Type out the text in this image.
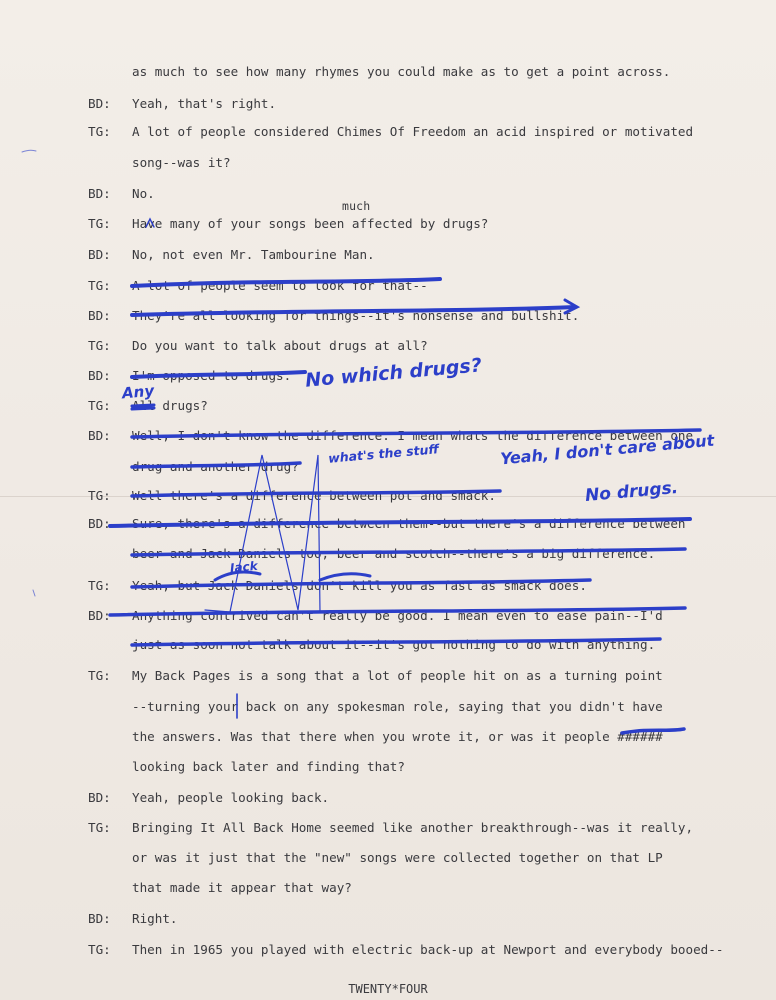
as much to see how many rhymes you could make as to get a point across.
BD: Yeah, that's right.
TG: A lot of people considered Chimes Of Freedom an acid inspired or motivated
song--was it?
BD: No.
much
TG: Have many of your songs been affected by drugs?
BD: No, not even Mr. Tambourine Man.
TG: A lot of people seem to look for that--
BD: They're all looking for things--it's nonsense and bullshit.
TG: Do you want to talk about drugs at all?
BD: I'm opposed to drugs.
TG: All drugs?
BD: Well, I don't know the difference. I mean whats the difference between one
drug and another drug?
TG: Well there's a difference between pot and smack.
BD: Sure, there's a difference between them--but there's a difference between
beer and Jack Daniels too, beer and scotch--there's a big difference.
TG: Yeah, but Jack Daniels don't kill you as fast as smack does.
BD: Anything contrived can't really be good. I mean even to ease pain--I'd
just as soon not talk about it--it's got nothing to do with anything.
TG: My Back Pages is a song that a lot of people hit on as a turning point
--turning your back on any spokesman role, saying that you didn't have
the answers. Was that there when you wrote it, or was it people ######
looking back later and finding that?
BD: Yeah, people looking back.
TG: Bringing It All Back Home seemed like another breakthrough--was it really,
or was it just that the "new" songs were collected together on that LP
that made it appear that way?
BD: Right.
TG: Then in 1965 you played with electric back-up at Newport and everybody booed--
No which drugs?
Any
what's the stuff	Yeah, I don't care about
No drugs.
Jack
TWENTY*FOUR
